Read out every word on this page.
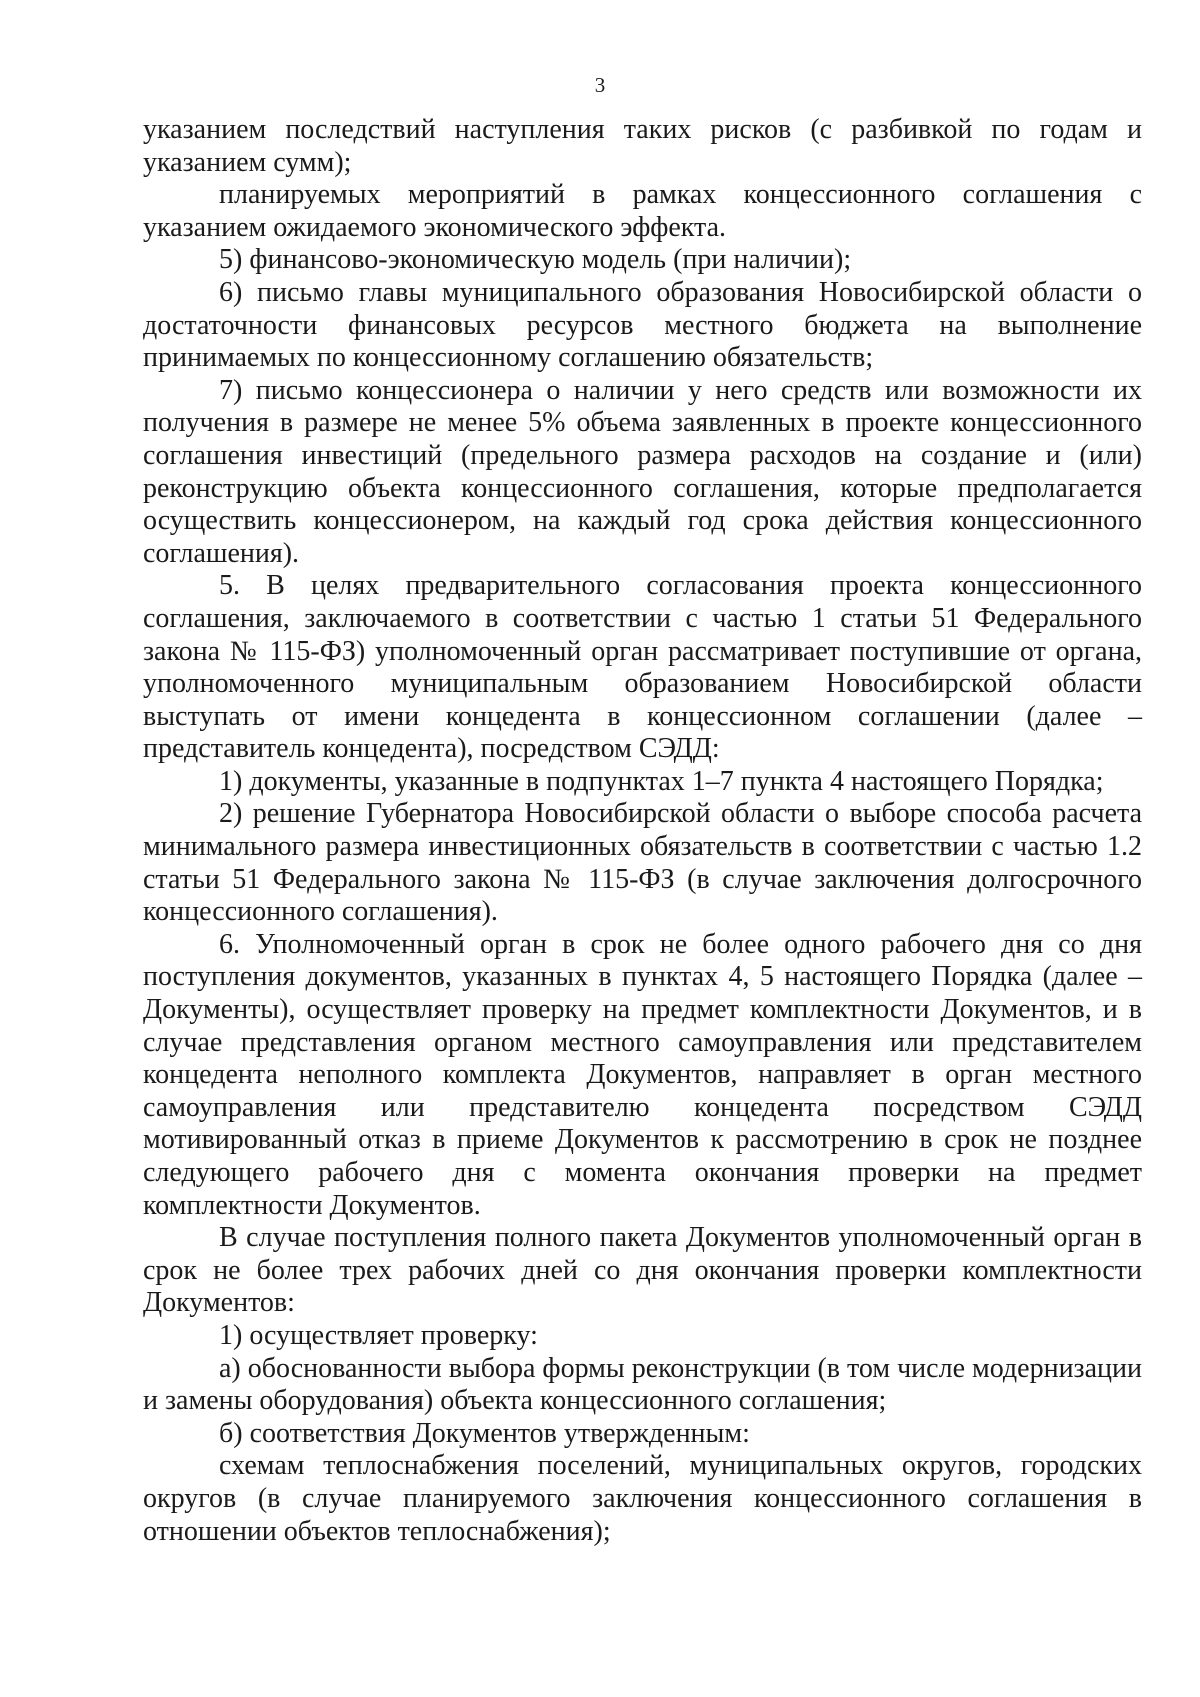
3

указанием последствий наступления таких рисков (с разбивкой по годам и указанием сумм);

планируемых мероприятий в рамках концессионного соглашения с указанием ожидаемого экономического эффекта.

5) финансово-экономическую модель (при наличии);

6) письмо главы муниципального образования Новосибирской области о достаточности финансовых ресурсов местного бюджета на выполнение принимаемых по концессионному соглашению обязательств;

7) письмо концессионера о наличии у него средств или возможности их получения в размере не менее 5% объема заявленных в проекте концессионного соглашения инвестиций (предельного размера расходов на создание и (или) реконструкцию объекта концессионного соглашения, которые предполагается осуществить концессионером, на каждый год срока действия концессионного соглашения).

5. В целях предварительного согласования проекта концессионного соглашения, заключаемого в соответствии с частью 1 статьи 51 Федерального закона № 115-ФЗ) уполномоченный орган рассматривает поступившие от органа, уполномоченного муниципальным образованием Новосибирской области выступать от имени концедента в концессионном соглашении (далее – представитель концедента), посредством СЭДД:

1) документы, указанные в подпунктах 1–7 пункта 4 настоящего Порядка;

2) решение Губернатора Новосибирской области о выборе способа расчета минимального размера инвестиционных обязательств в соответствии с частью 1.2 статьи 51 Федерального закона № 115-ФЗ (в случае заключения долгосрочного концессионного соглашения).

6. Уполномоченный орган в срок не более одного рабочего дня со дня поступления документов, указанных в пунктах 4, 5 настоящего Порядка (далее – Документы), осуществляет проверку на предмет комплектности Документов, и в случае представления органом местного самоуправления или представителем концедента неполного комплекта Документов, направляет в орган местного самоуправления или представителю концедента посредством СЭДД мотивированный отказ в приеме Документов к рассмотрению в срок не позднее следующего рабочего дня с момента окончания проверки на предмет комплектности Документов.

В случае поступления полного пакета Документов уполномоченный орган в срок не более трех рабочих дней со дня окончания проверки комплектности Документов:

1) осуществляет проверку:

а) обоснованности выбора формы реконструкции (в том числе модернизации и замены оборудования) объекта концессионного соглашения;

б) соответствия Документов утвержденным:

схемам теплоснабжения поселений, муниципальных округов, городских округов (в случае планируемого заключения концессионного соглашения в отношении объектов теплоснабжения);
